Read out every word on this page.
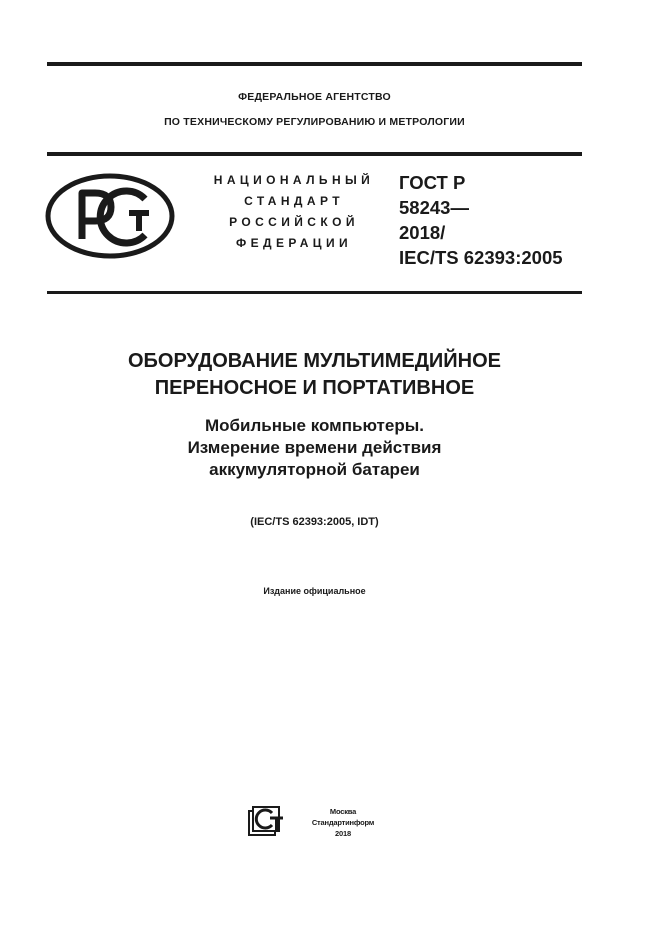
ФЕДЕРАЛЬНОЕ АГЕНТСТВО
ПО ТЕХНИЧЕСКОМУ РЕГУЛИРОВАНИЮ И МЕТРОЛОГИИ
НАЦИОНАЛЬНЫЙ
СТАНДАРТ
РОССИЙСКОЙ
ФЕДЕРАЦИИ
ГОСТ Р
58243—
2018/
IEC/TS 62393:2005
ОБОРУДОВАНИЕ МУЛЬТИМЕДИЙНОЕ
ПЕРЕНОСНОЕ И ПОРТАТИВНОЕ
Мобильные компьютеры.
Измерение времени действия
аккумуляторной батареи
(IEC/TS 62393:2005, IDT)
Издание официальное
Москва
Стандартинформ
2018
